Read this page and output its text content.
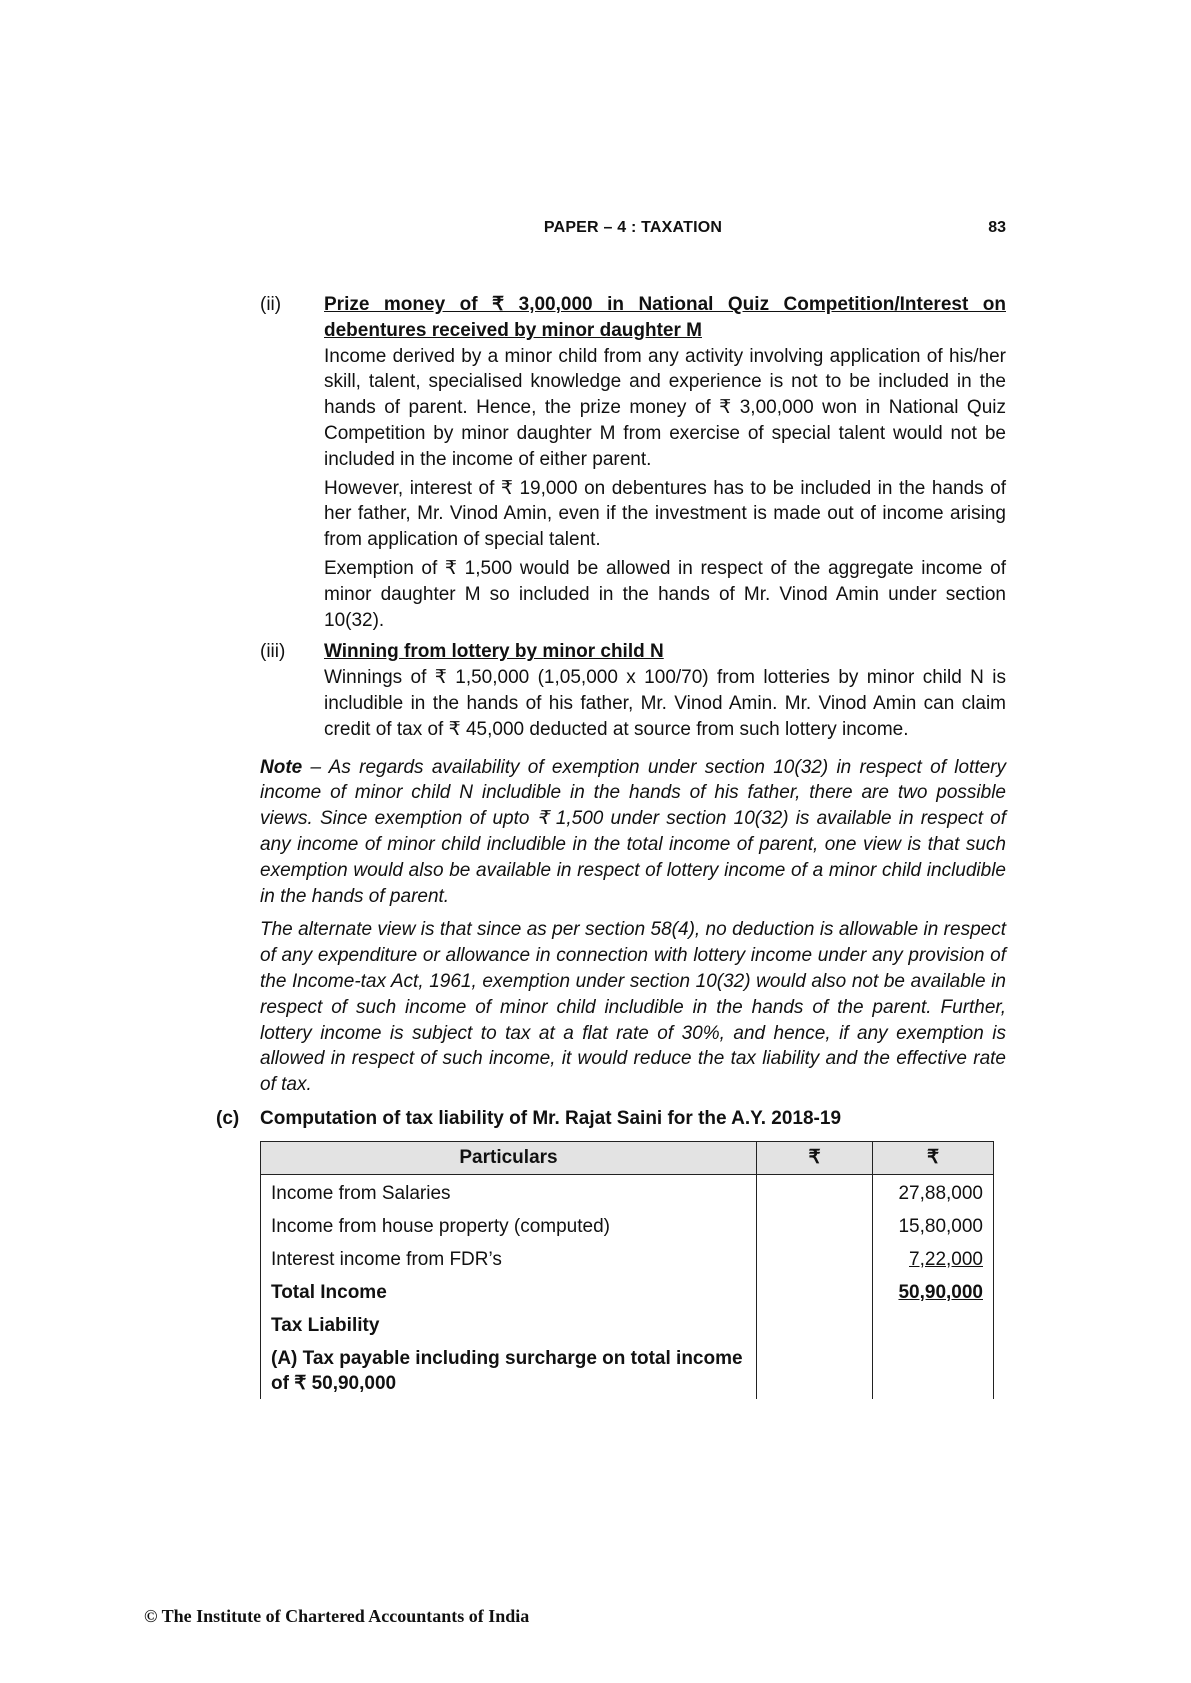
PAPER – 4 : TAXATION	83
(ii) Prize money of ₹ 3,00,000 in National Quiz Competition/Interest on debentures received by minor daughter M

Income derived by a minor child from any activity involving application of his/her skill, talent, specialised knowledge and experience is not to be included in the hands of parent. Hence, the prize money of ₹ 3,00,000 won in National Quiz Competition by minor daughter M from exercise of special talent would not be included in the income of either parent.

However, interest of ₹ 19,000 on debentures has to be included in the hands of her father, Mr. Vinod Amin, even if the investment is made out of income arising from application of special talent.

Exemption of ₹ 1,500 would be allowed in respect of the aggregate income of minor daughter M so included in the hands of Mr. Vinod Amin under section 10(32).

(iii) Winning from lottery by minor child N

Winnings of ₹ 1,50,000 (1,05,000 x 100/70) from lotteries by minor child N is includible in the hands of his father, Mr. Vinod Amin. Mr. Vinod Amin can claim credit of tax of ₹ 45,000 deducted at source from such lottery income.

Note – As regards availability of exemption under section 10(32) in respect of lottery income of minor child N includible in the hands of his father, there are two possible views. Since exemption of upto ₹ 1,500 under section 10(32) is available in respect of any income of minor child includible in the total income of parent, one view is that such exemption would also be available in respect of lottery income of a minor child includible in the hands of parent.

The alternate view is that since as per section 58(4), no deduction is allowable in respect of any expenditure or allowance in connection with lottery income under any provision of the Income-tax Act, 1961, exemption under section 10(32) would also not be available in respect of such income of minor child includible in the hands of the parent. Further, lottery income is subject to tax at a flat rate of 30%, and hence, if any exemption is allowed in respect of such income, it would reduce the tax liability and the effective rate of tax.

(c) Computation of tax liability of Mr. Rajat Saini for the A.Y. 2018-19

Particulars	₹	₹
Income from Salaries		27,88,000
Income from house property (computed)		15,80,000
Interest income from FDR’s		7,22,000
Total Income		50,90,000
Tax Liability		
(A) Tax payable including surcharge on total income of ₹ 50,90,000		
© The Institute of Chartered Accountants of India
